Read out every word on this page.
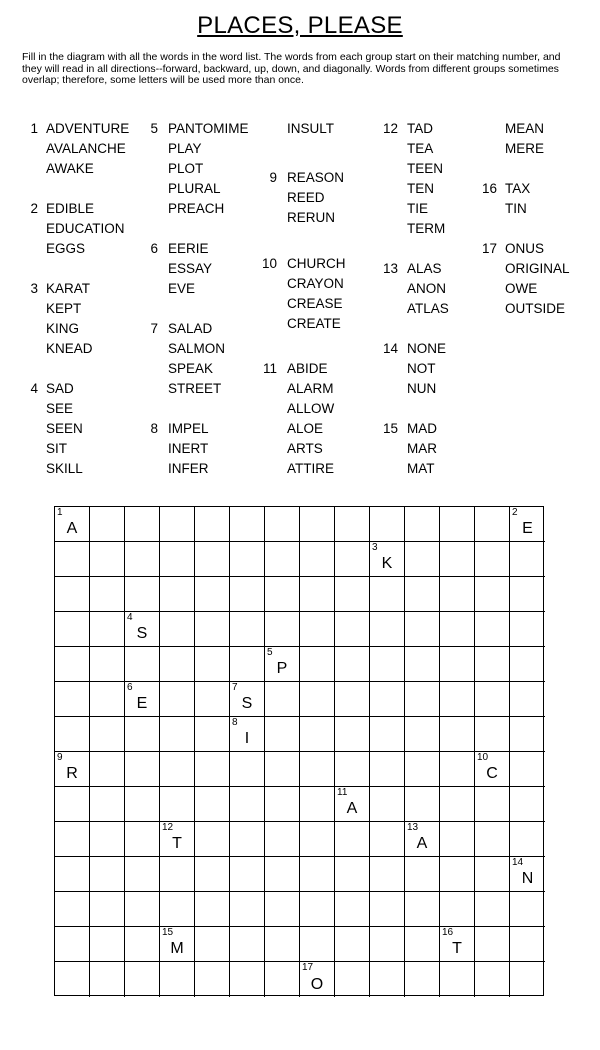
PLACES, PLEASE
Fill in the diagram with all the words in the word list. The words from each group start on their matching number, and they will read in all directions--forward, backward, up, down, and diagonally. Words from different groups sometimes overlap; therefore, some letters will be used more than once.
1 ADVENTURE
AVALANCHE
AWAKE
2 EDIBLE
EDUCATION
EGGS
3 KARAT
KEPT
KING
KNEAD
4 SAD
SEE
SEEN
SIT
SKILL
5 PANTOMIME
PLAY
PLOT
PLURAL
PREACH
6 EERIE
ESSAY
EVE
7 SALAD
SALMON
SPEAK
STREET
8 IMPEL
INERT
INFER
INSULT
9 REASON
REED
RERUN
10 CHURCH
CRAYON
CREASE
CREATE
11 ABIDE
ALARM
ALLOW
ALOE
ARTS
ATTIRE
12 TAD
TEA
TEEN
TEN
TIE
TERM
13 ALAS
ANON
ATLAS
14 NONE
NOT
NUN
15 MAD
MAR
MAT
MEAN
MERE
16 TAX
TIN
17 ONUS
ORIGINAL
OWE
OUTSIDE
1
A
2
E
3
K
4
S
5
P
6
E
7
S
8
I
9
R
10
C
11
A
12
T
13
A
14
N
15
M
16
T
17
O
